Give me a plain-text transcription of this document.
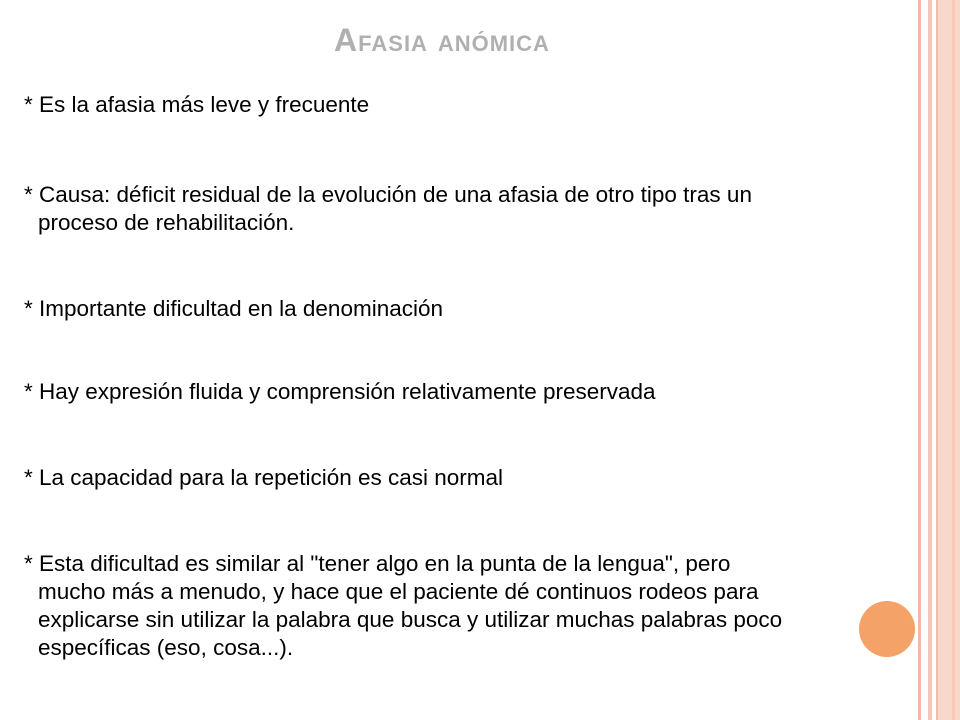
Afasia anómica

* Es la afasia más leve y frecuente

* Causa: déficit residual de la evolución de una afasia de otro tipo tras un
proceso de rehabilitación.

* Importante dificultad en la denominación

* Hay expresión fluida y comprensión relativamente preservada

* La capacidad para la repetición es casi normal

* Esta dificultad es similar al "tener algo en la punta de la lengua", pero
mucho más a menudo, y hace que el paciente dé continuos rodeos para
explicarse sin utilizar la palabra que busca y utilizar muchas palabras poco
específicas (eso, cosa...).
